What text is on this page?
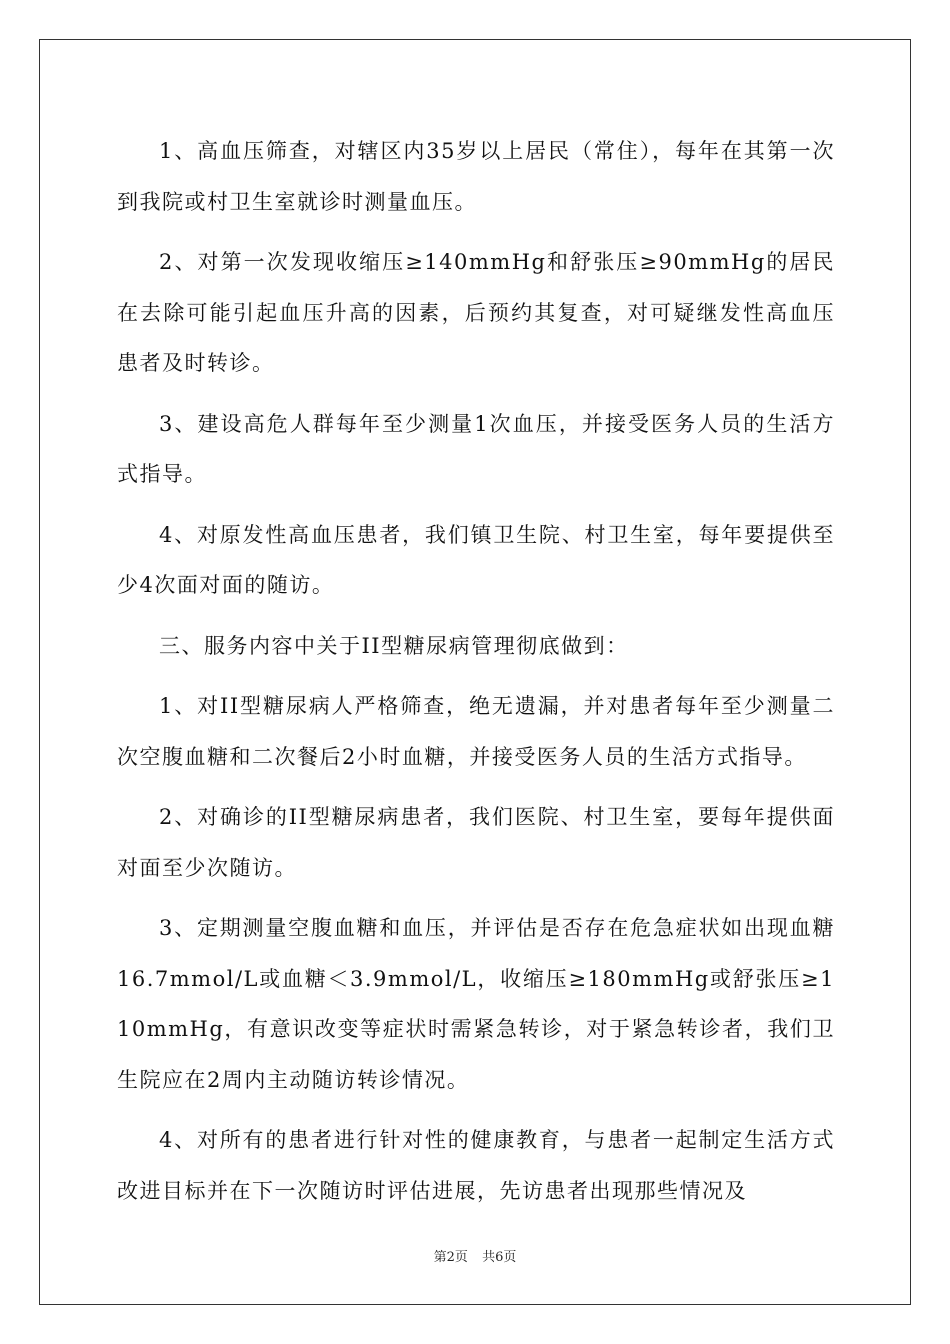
1、高血压筛查，对辖区内35岁以上居民（常住），每年在其第一次到我院或村卫生室就诊时测量血压。

2、对第一次发现收缩压≥140mmHg和舒张压≥90mmHg的居民在去除可能引起血压升高的因素，后预约其复查，对可疑继发性高血压患者及时转诊。

3、建设高危人群每年至少测量1次血压，并接受医务人员的生活方式指导。

4、对原发性高血压患者，我们镇卫生院、村卫生室，每年要提供至少4次面对面的随访。

三、服务内容中关于II型糖尿病管理彻底做到：

1、对II型糖尿病人严格筛查，绝无遗漏，并对患者每年至少测量二次空腹血糖和二次餐后2小时血糖，并接受医务人员的生活方式指导。

2、对确诊的II型糖尿病患者，我们医院、村卫生室，要每年提供面对面至少次随访。

3、定期测量空腹血糖和血压，并评估是否存在危急症状如出现血糖16.7mmol/L或血糖＜3.9mmol/L，收缩压≥180mmHg或舒张压≥110mmHg，有意识改变等症状时需紧急转诊，对于紧急转诊者，我们卫生院应在2周内主动随访转诊情况。

4、对所有的患者进行针对性的健康教育，与患者一起制定生活方式改进目标并在下一次随访时评估进展，先访患者出现那些情况及

第2页 共6页
